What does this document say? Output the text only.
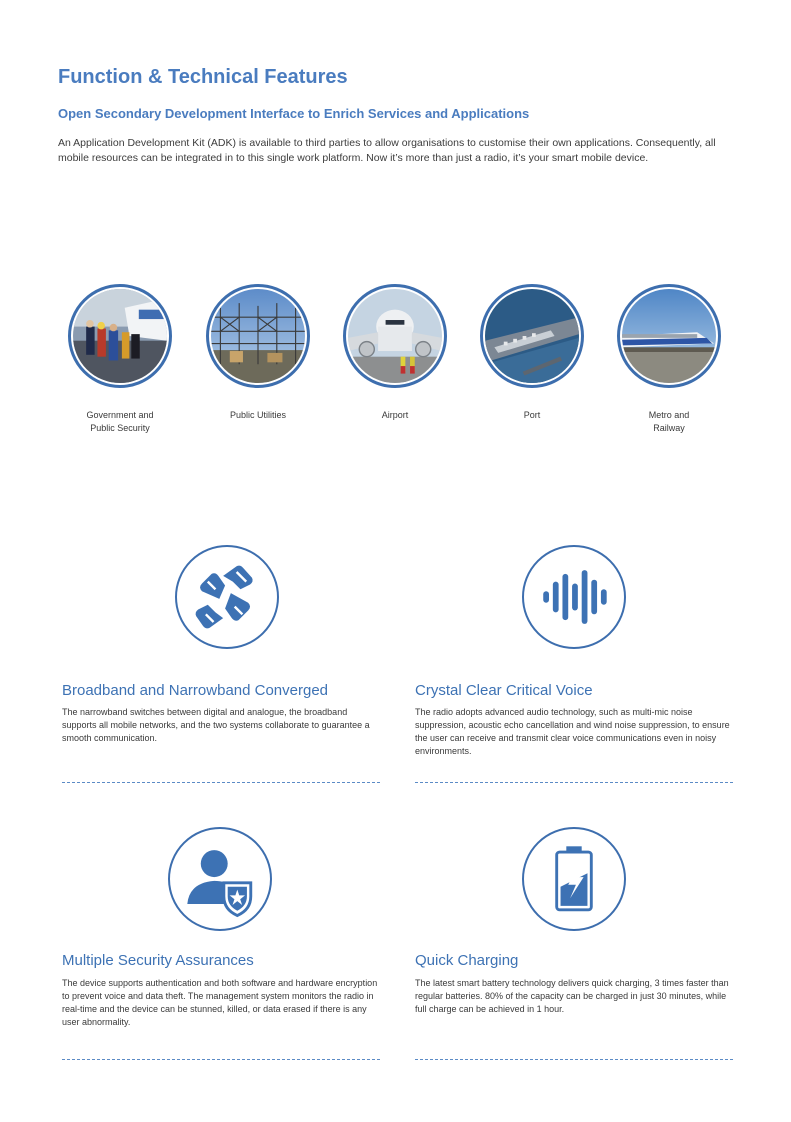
Function & Technical Features
Open Secondary Development Interface to Enrich Services and Applications

An Application Development Kit (ADK) is available to third parties to allow organisations to customise their own applications. Consequently, all mobile resources can be integrated in to this single work platform. Now it’s more than just a radio, it’s your smart mobile device.

Government and
Public Security
Public Utilities	Airport	Port	Metro and
Railway
Broadband and Narrowband Converged

The narrowband switches between digital and analogue, the broadband supports all mobile networks, and the two systems collaborate to guarantee a smooth communication.

Crystal Clear Critical Voice

The radio adopts advanced audio technology, such as multi-mic noise suppression, acoustic echo cancellation and wind noise suppression, to ensure the user can receive and transmit clear voice communications even in noisy environments.

Multiple Security Assurances

The device supports authentication and both software and hardware encryption to prevent voice and data theft. The management system monitors the radio in real-time and the device can be stunned, killed, or data erased if there is any user abnormality.

Quick Charging

The latest smart battery technology delivers quick charging, 3 times faster than regular batteries. 80% of the capacity can be charged in just 30 minutes, while full charge can be achieved in 1 hour.
